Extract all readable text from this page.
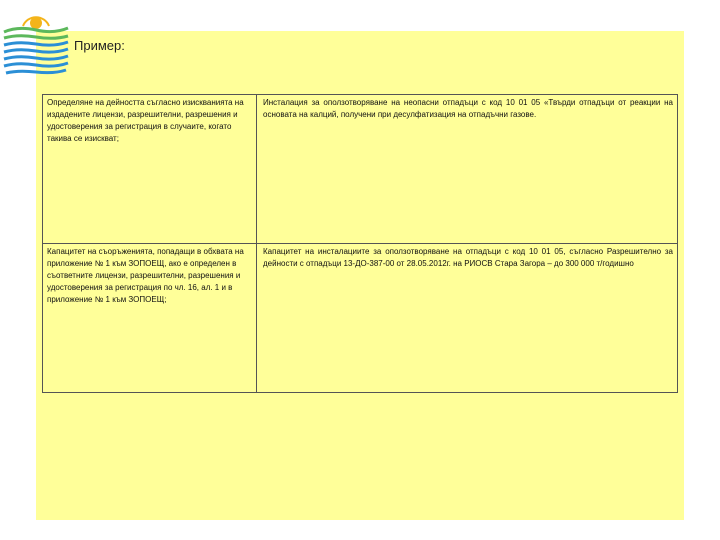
Пример:
Определяне на дейността съгласно изискванията на издадените лицензи, разрешителни, разрешения и удостоверения за регистрация в случаите, когато такива се изискват;	Инсталация за оползотворяване на неопасни отпадъци с код 10 01 05 «Твърди отпадъци от реакции на основата на калций, получени при десулфатизация на отпадъчни газове.
Капацитет на съоръженията, попадащи в обхвата на приложение № 1 към ЗОПОЕЩ, ако е определен в съответните лицензи, разрешителни, разрешения и удостоверения за регистрация по чл. 16, ал. 1 и в приложение № 1 към ЗОПОЕЩ;	Капацитет на инсталациите за оползотворяване на отпадъци с код 10 01 05, съгласно Разрешително за дейности с отпадъци 13-ДО-387-00 от 28.05.2012г. на РИОСВ Стара Загора – до 300 000 т/годишно
